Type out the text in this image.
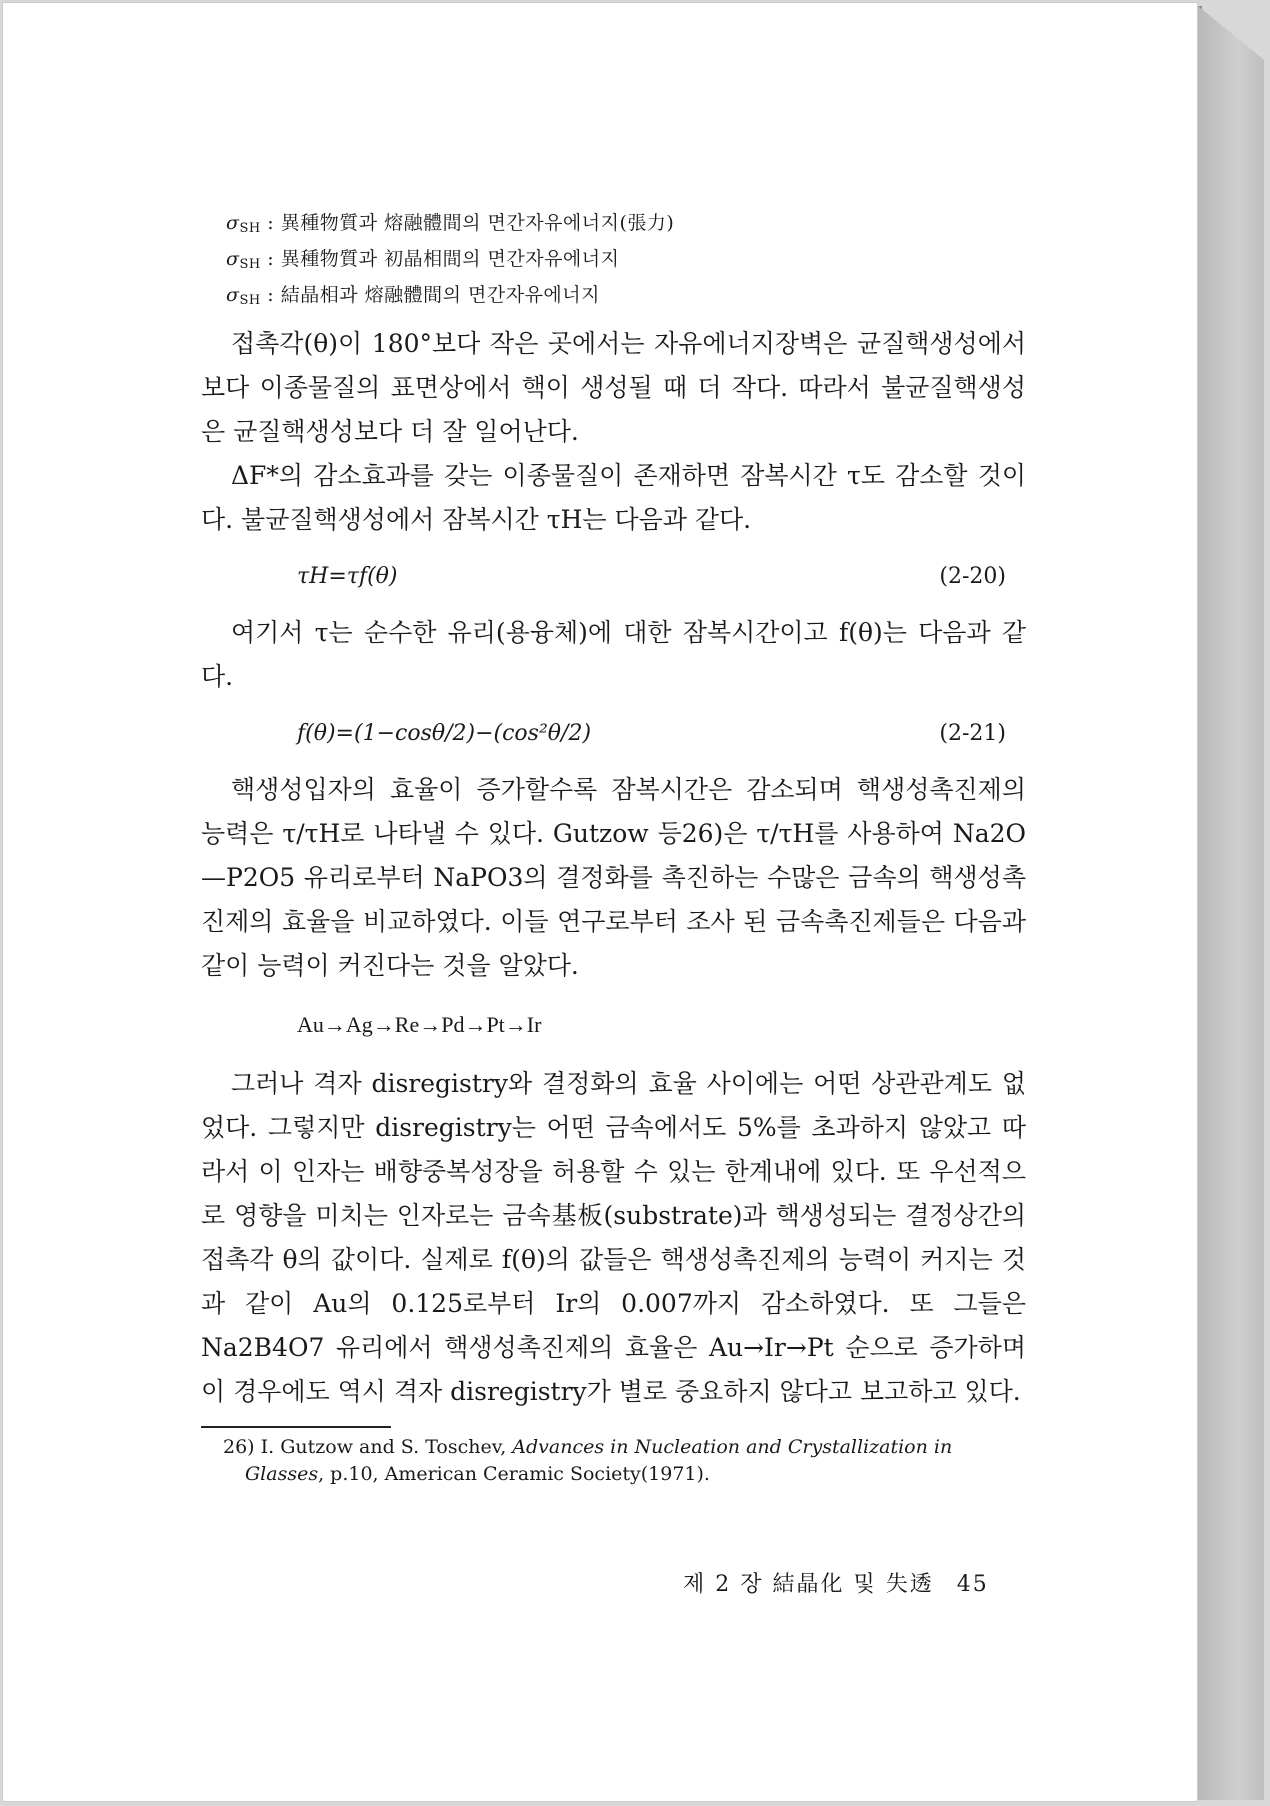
$\sigma_{SH}$ : 異種物質과 熔融體間의 면간자유에너지(張力)
$\sigma_{SH}$ : 異種物質과 初晶相間의 면간자유에너지
$\sigma_{SH}$ : 結晶相과 熔融體間의 면간자유에너지

접촉각(θ)이 180°보다 작은 곳에서는 자유에너지장벽은 균질핵생성에서보다 이종물질의 표면상에서 핵이 생성될 때 더 작다. 따라서 불균질핵생성은 균질핵생성보다 더 잘 일어난다.

ΔF*의 감소효과를 갖는 이종물질이 존재하면 잠복시간 τ도 감소할 것이다. 불균질핵생성에서 잠복시간 τH는 다음과 같다.

τH=τf(θ)	(2-20)

여기서 τ는 순수한 유리(용융체)에 대한 잠복시간이고 f(θ)는 다음과 같다.

f(θ)=(1−cosθ/2)−(cos²θ/2)	(2-21)

핵생성입자의 효율이 증가할수록 잠복시간은 감소되며 핵생성촉진제의 능력은 τ/τH로 나타낼 수 있다. Gutzow 등26)은 τ/τH를 사용하여 Na2O—P2O5 유리로부터 NaPO3의 결정화를 촉진하는 수많은 금속의 핵생성촉진제의 효율을 비교하였다. 이들 연구로부터 조사 된 금속촉진제들은 다음과 같이 능력이 커진다는 것을 알았다.

Au→Ag→Re→Pd→Pt→Ir

그러나 격자 disregistry와 결정화의 효율 사이에는 어떤 상관관계도 없었다. 그렇지만 disregistry는 어떤 금속에서도 5%를 초과하지 않았고 따라서 이 인자는 배향중복성장을 허용할 수 있는 한계내에 있다. 또 우선적으로 영향을 미치는 인자로는 금속基板(substrate)과 핵생성되는 결정상간의 접촉각 θ의 값이다. 실제로 f(θ)의 값들은 핵생성촉진제의 능력이 커지는 것과 같이 Au의 0.125로부터 Ir의 0.007까지 감소하였다. 또 그들은 Na2B4O7 유리에서 핵생성촉진제의 효율은 Au→Ir→Pt 순으로 증가하며 이 경우에도 역시 격자 disregistry가 별로 중요하지 않다고 보고하고 있다.

26) I. Gutzow and S. Toschev, Advances in Nucleation and Crystallization in Glasses, p.10, American Ceramic Society(1971).
제 2 장 結晶化 및 失透 45
